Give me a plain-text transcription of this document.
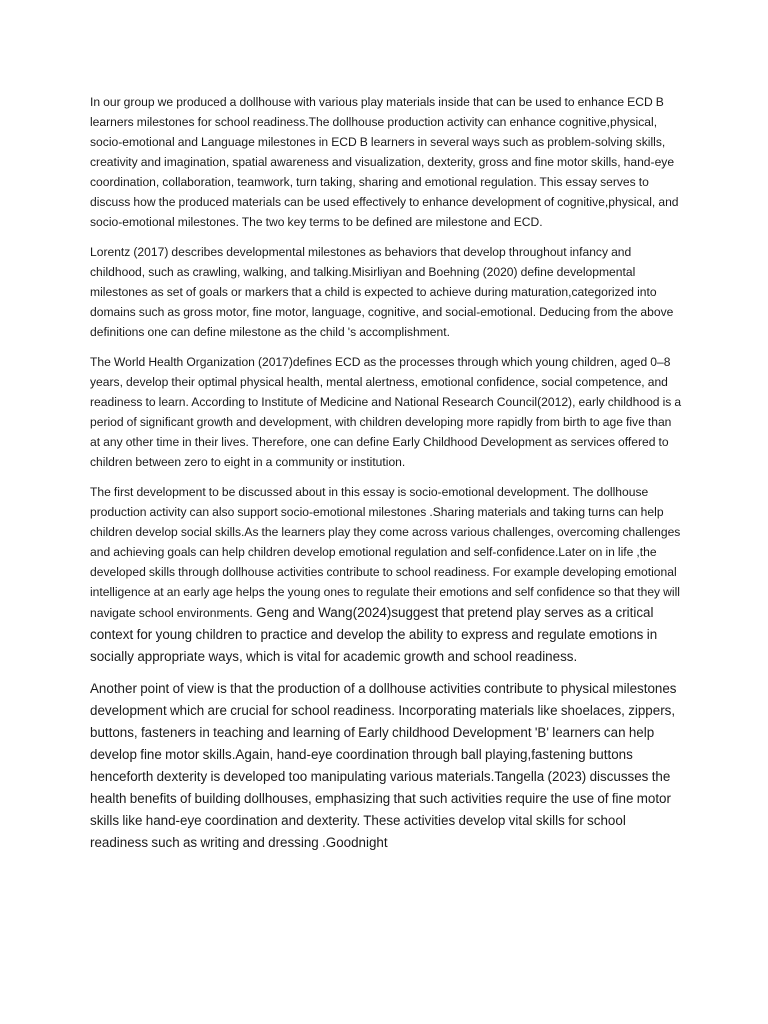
In our group we produced a dollhouse with various play materials inside that can be used to enhance ECD B learners milestones for school readiness.The dollhouse production activity can enhance cognitive,physical, socio-emotional and Language milestones in ECD B learners in several ways such as problem-solving skills, creativity and imagination, spatial awareness and visualization, dexterity, gross and fine motor skills, hand-eye coordination, collaboration, teamwork, turn taking, sharing and emotional regulation. This essay serves to discuss how the produced materials can be used effectively to enhance development of cognitive,physical, and socio-emotional milestones. The two key terms to be defined are milestone and ECD.

Lorentz (2017) describes developmental milestones as behaviors that develop throughout infancy and childhood, such as crawling, walking, and talking.Misirliyan and Boehning (2020) define developmental milestones as set of goals or markers that a child is expected to achieve during maturation,categorized into domains such as gross motor, fine motor, language, cognitive, and social-emotional. Deducing from the above definitions one can define milestone as the child 's accomplishment.

The World Health Organization (2017)defines ECD as the processes through which young children, aged 0–8 years, develop their optimal physical health, mental alertness, emotional confidence, social competence, and readiness to learn. According to Institute of Medicine and National Research Council(2012), early childhood is a period of significant growth and development, with children developing more rapidly from birth to age five than at any other time in their lives. Therefore, one can define Early Childhood Development as services offered to children between zero to eight in a community or institution.

The first development to be discussed about in this essay is socio-emotional development. The dollhouse production activity can also support socio-emotional milestones .Sharing materials and taking turns can help children develop social skills.As the learners play they come across various challenges, overcoming challenges and achieving goals can help children develop emotional regulation and self-confidence.Later on in life ,the developed skills through dollhouse activities contribute to school readiness. For example developing emotional intelligence at an early age helps the young ones to regulate their emotions and self confidence so that they will navigate school environments. Geng and Wang(2024)suggest that pretend play serves as a critical context for young children to practice and develop the ability to express and regulate emotions in socially appropriate ways, which is vital for academic growth and school readiness.

Another point of view is that the production of a dollhouse activities contribute to physical milestones development which are crucial for school readiness. Incorporating materials like shoelaces, zippers, buttons, fasteners in teaching and learning of Early childhood Development 'B' learners can help develop fine motor skills.Again, hand-eye coordination through ball playing,fastening buttons henceforth dexterity is developed too manipulating various materials.Tangella (2023) discusses the health benefits of building dollhouses, emphasizing that such activities require the use of fine motor skills like hand-eye coordination and dexterity. These activities develop vital skills for school readiness such as writing and dressing .Goodnight
